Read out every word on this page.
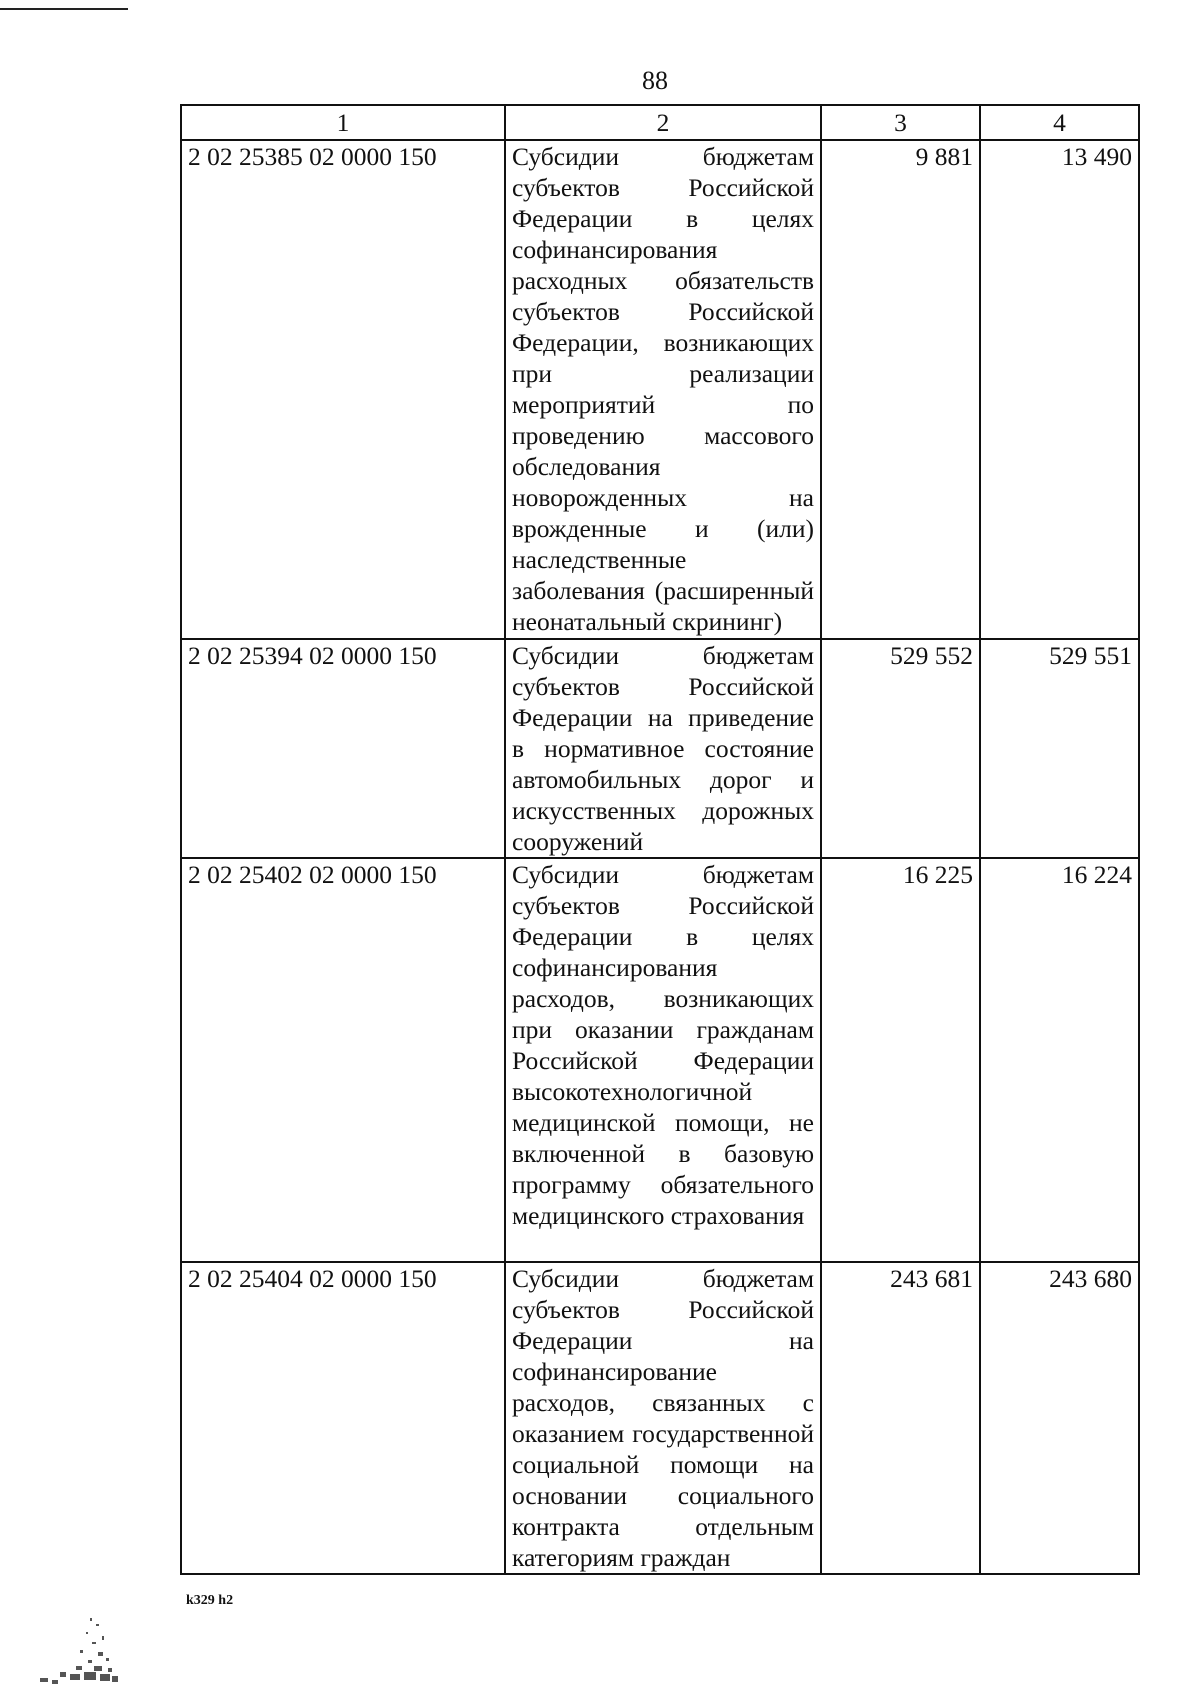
88
1	2	3	4
2 02 25385 02 0000 150	Субсидии бюджетам субъектов Российской Федерации в целях софинансирования расходных обязательств субъектов Российской Федерации, возникающих при реализации мероприятий по проведению массового обследования новорожденных на врожденные и (или) наследственные заболевания (расширенный неонатальный скрининг)	9 881	13 490
2 02 25394 02 0000 150	Субсидии бюджетам субъектов Российской Федерации на приведение в нормативное состояние автомобильных дорог и искусственных дорожных сооружений	529 552	529 551
2 02 25402 02 0000 150	Субсидии бюджетам субъектов Российской Федерации в целях софинансирования расходов, возникающих при оказании гражданам Российской Федерации высокотехнологичной медицинской помощи, не включенной в базовую программу обязательного медицинского страхования	16 225	16 224
2 02 25404 02 0000 150	Субсидии бюджетам субъектов Российской Федерации на софинансирование расходов, связанных с оказанием государственной социальной помощи на основании социального контракта отдельным категориям граждан	243 681	243 680
k329 h2
